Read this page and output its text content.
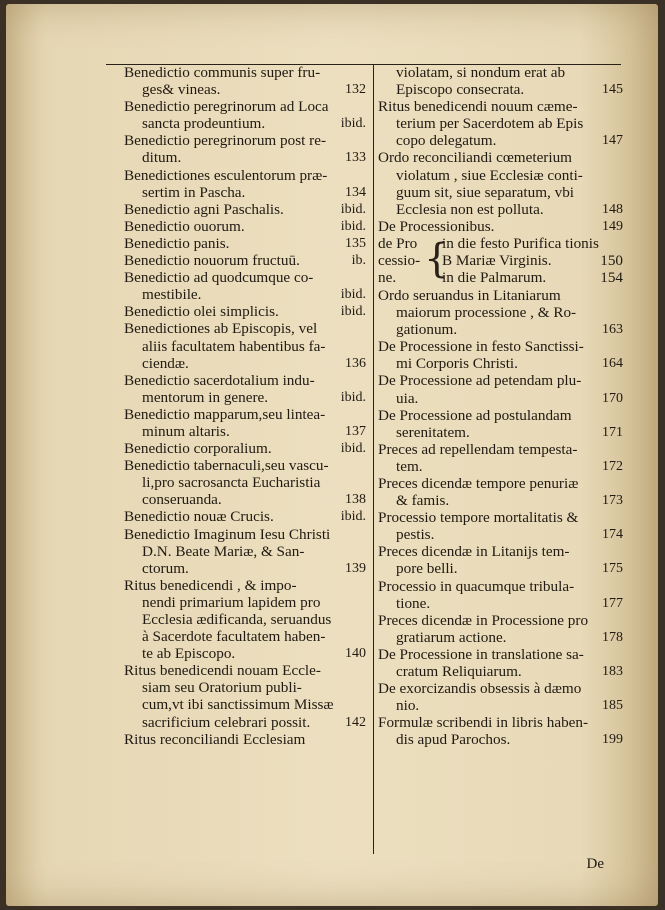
Benedictio communis super fru-
132
ges& vineas.
Benedictio peregrinorum ad Loca
ibid.
sancta prodeuntium.
Benedictio peregrinorum post re-
133
ditum.
Benedictiones esculentorum præ-
134
sertim in Pascha.
ibid.
Benedictio agni Paschalis.
ibid.
Benedictio ouorum.
135
Benedictio panis.
ib.
Benedictio nouorum fructuū.
Benedictio ad quodcumque co-
ibid.
mestibile.
ibid.
Benedictio olei simplicis.
Benedictiones ab Episcopis, vel
aliis facultatem habentibus fa-
136
ciendæ.
Benedictio sacerdotalium indu-
ibid.
mentorum in genere.
Benedictio mapparum,seu lintea-
137
minum altaris.
ibid.
Benedictio corporalium.
Benedictio tabernaculi,seu vascu-
li,pro sacrosancta Eucharistia
138
conseruanda.
ibid.
Benedictio nouæ Crucis.
Benedictio Imaginum Iesu Christi
D.N. Beate Mariæ, & San-
139
ctorum.
Ritus benedicendi , & impo-
nendi primarium lapidem pro
Ecclesia ædificanda, seruandus
à Sacerdote facultatem haben-
140
te ab Episcopo.
Ritus benedicendi nouam Eccle-
siam seu Oratorium publi-
cum,vt ibi sanctissimum Missæ
142
sacrificium celebrari possit.
Ritus reconciliandi Ecclesiam
violatam, si nondum erat ab
145
Episcopo consecrata.
Ritus benedicendi nouum cæme-
terium per Sacerdotem ab Epis
147
copo delegatum.
Ordo reconciliandi cœmeterium
violatum , siue Ecclesiæ conti-
guum sit, siue separatum, vbi
148
Ecclesia non est polluta.
149
De Processionibus.
de Pro
cessio-
ne. {
in die festo Purifica tionis
B Mariæ Virginis.	150
in die Palmarum.	154
Ordo seruandus in Litaniarum
maiorum processione , & Ro-
163
gationum.
De Processione in festo Sanctissi-
164
mi Corporis Christi.
De Processione ad petendam plu-
170
uia.
De Processione ad postulandam
171
serenitatem.
Preces ad repellendam tempesta-
172
tem.
Preces dicendæ tempore penuriæ
173
& famis.
Processio tempore mortalitatis &
174
pestis.
Preces dicendæ in Litanijs tem-
175
pore belli.
Processio in quacumque tribula-
177
tione.
Preces dicendæ in Processione pro
178
gratiarum actione.
De Processione in translatione sa-
183
cratum Reliquiarum.
De exorcizandis obsessis à dæmo
185
nio.
Formulæ scribendi in libris haben-
199
dis apud Parochos.
De
